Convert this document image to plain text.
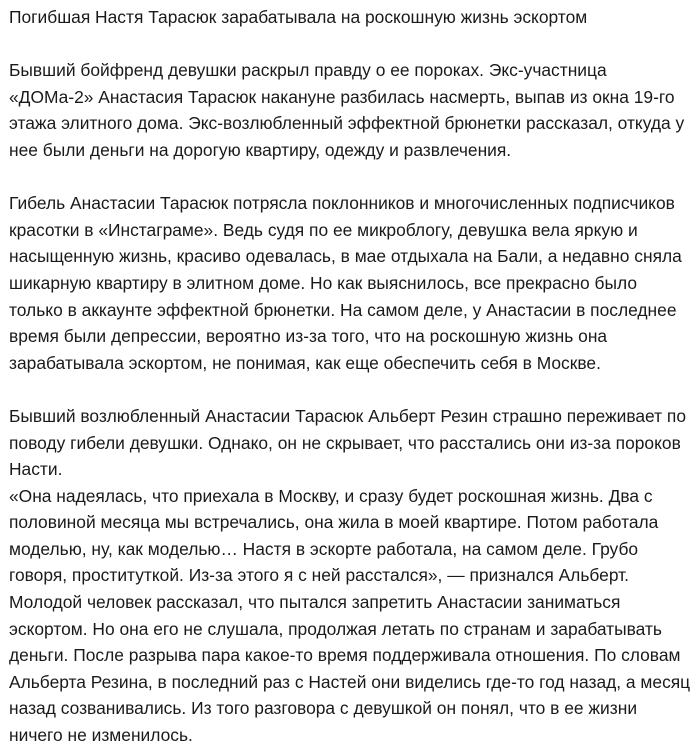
Погибшая Настя Тарасюк зарабатывала на роскошную жизнь эскортом

Бывший бойфренд девушки раскрыл правду о ее пороках. Экс-участница «ДОМа-2» Анастасия Тарасюк накануне разбилась насмерть, выпав из окна 19-го этажа элитного дома. Экс-возлюбленный эффектной брюнетки рассказал, откуда у нее были деньги на дорогую квартиру, одежду и развлечения.

Гибель Анастасии Тарасюк потрясла поклонников и многочисленных подписчиков красотки в «Инстаграме». Ведь судя по ее микроблогу, девушка вела яркую и насыщенную жизнь, красиво одевалась, в мае отдыхала на Бали, а недавно сняла шикарную квартиру в элитном доме. Но как выяснилось, все прекрасно было только в аккаунте эффектной брюнетки. На самом деле, у Анастасии в последнее время были депрессии, вероятно из-за того, что на роскошную жизнь она зарабатывала эскортом, не понимая, как еще обеспечить себя в Москве.

Бывший возлюбленный Анастасии Тарасюк Альберт Резин страшно переживает по поводу гибели девушки. Однако, он не скрывает, что расстались они из-за пороков Насти.

«Она надеялась, что приехала в Москву, и сразу будет роскошная жизнь. Два с половиной месяца мы встречались, она жила в моей квартире. Потом работала моделью, ну, как моделью… Настя в эскорте работала, на самом деле. Грубо говоря, проституткой. Из-за этого я с ней расстался», — признался Альберт. Молодой человек рассказал, что пытался запретить Анастасии заниматься эскортом. Но она его не слушала, продолжая летать по странам и зарабатывать деньги. После разрыва пара какое-то время поддерживала отношения. По словам Альберта Резина, в последний раз с Настей они виделись где-то год назад, а месяц назад созванивались. Из того разговора с девушкой он понял, что в ее жизни ничего не изменилось.
